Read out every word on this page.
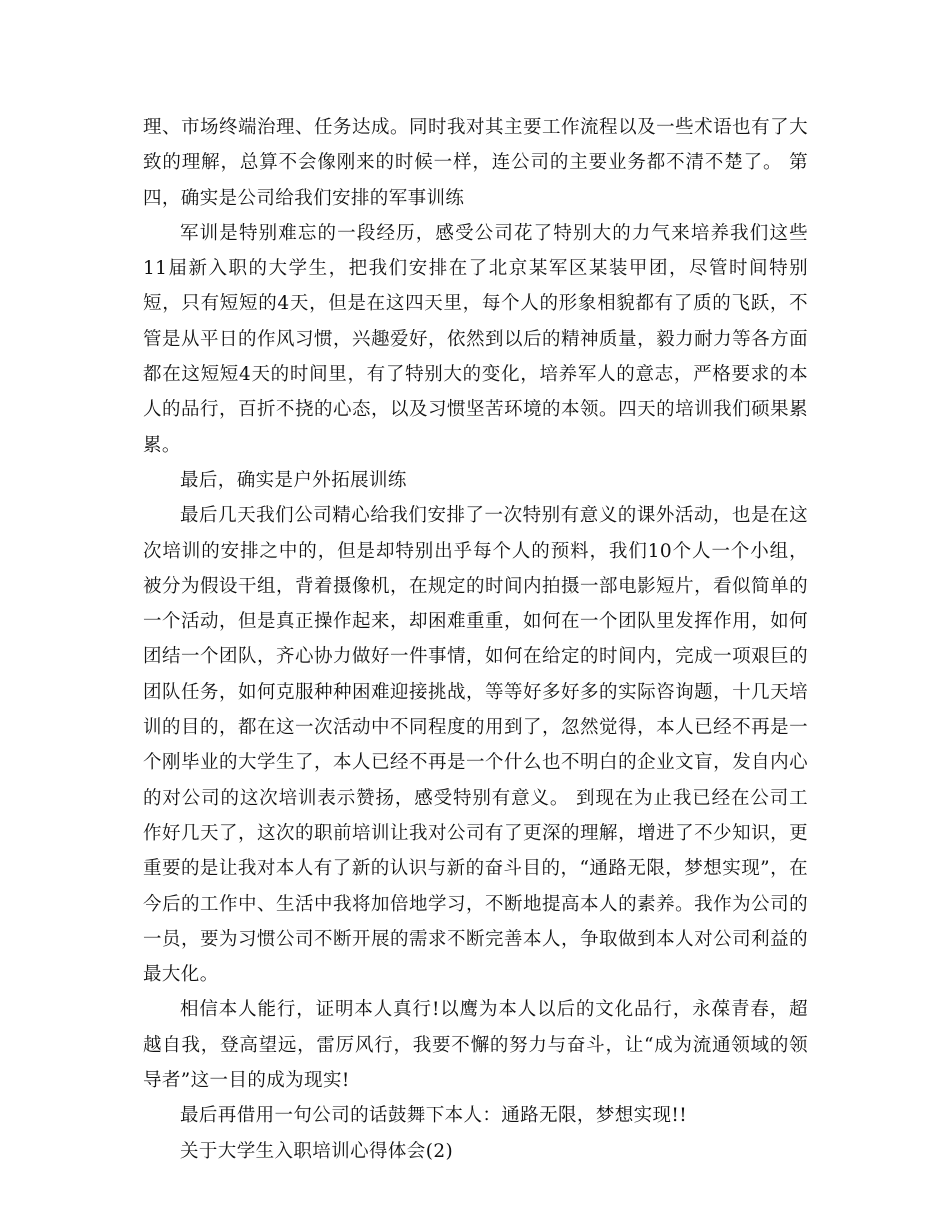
理、市场终端治理、任务达成。同时我对其主要工作流程以及一些术语也有了大致的理解，总算不会像刚来的时候一样，连公司的主要业务都不清不楚了。 第四，确实是公司给我们安排的军事训练

军训是特别难忘的一段经历，感受公司花了特别大的力气来培养我们这些11届新入职的大学生，把我们安排在了北京某军区某装甲团，尽管时间特别短，只有短短的4天，但是在这四天里，每个人的形象相貌都有了质的飞跃，不管是从平日的作风习惯，兴趣爱好，依然到以后的精神质量，毅力耐力等各方面都在这短短4天的时间里，有了特别大的变化，培养军人的意志，严格要求的本人的品行，百折不挠的心态，以及习惯坚苦环境的本领。四天的培训我们硕果累累。

最后，确实是户外拓展训练

最后几天我们公司精心给我们安排了一次特别有意义的课外活动，也是在这次培训的安排之中的，但是却特别出乎每个人的预料，我们10个人一个小组，被分为假设干组，背着摄像机，在规定的时间内拍摄一部电影短片，看似简单的一个活动，但是真正操作起来，却困难重重，如何在一个团队里发挥作用，如何团结一个团队，齐心协力做好一件事情，如何在给定的时间内，完成一项艰巨的团队任务，如何克服种种困难迎接挑战，等等好多好多的实际咨询题，十几天培训的目的，都在这一次活动中不同程度的用到了，忽然觉得，本人已经不再是一个刚毕业的大学生了，本人已经不再是一个什么也不明白的企业文盲，发自内心的对公司的这次培训表示赞扬，感受特别有意义。 到现在为止我已经在公司工作好几天了，这次的职前培训让我对公司有了更深的理解，增进了不少知识，更重要的是让我对本人有了新的认识与新的奋斗目的，“通路无限，梦想实现”，在今后的工作中、生活中我将加倍地学习，不断地提高本人的素养。我作为公司的一员，要为习惯公司不断开展的需求不断完善本人，争取做到本人对公司利益的最大化。

相信本人能行，证明本人真行!以鹰为本人以后的文化品行，永葆青春，超越自我，登高望远，雷厉风行，我要不懈的努力与奋斗，让“成为流通领域的领导者”这一目的成为现实!

最后再借用一句公司的话鼓舞下本人：通路无限，梦想实现!!

关于大学生入职培训心得体会(2)
